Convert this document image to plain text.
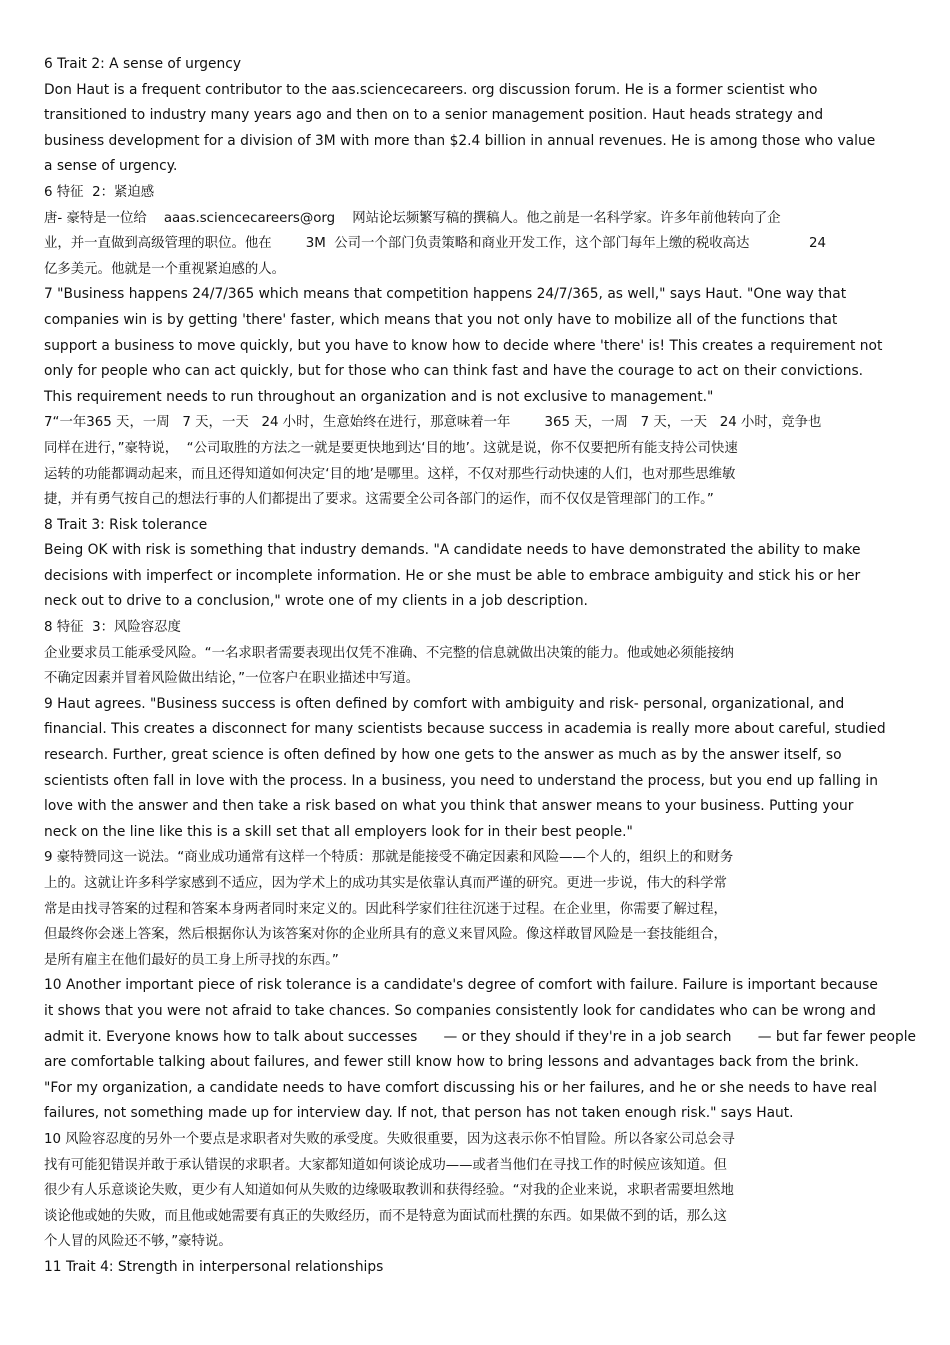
6 Trait 2: A sense of urgency
Don Haut is a frequent contributor to the aas.sciencecareers. org discussion forum. He is a former scientist who
transitioned to industry many years ago and then on to a senior management position. Haut heads strategy and
business development for a division of 3M with more than $2.4 billion in annual revenues. He is among those who value
a sense of urgency.
6 特征  2：紧迫感
唐- 豪特是一位给    aaas.sciencecareers@org    网站论坛频繁写稿的撰稿人。他之前是一名科学家。许多年前他转向了企
业，并一直做到高级管理的职位。他在        3M  公司一个部门负责策略和商业开发工作，这个部门每年上缴的税收高达              24
亿多美元。他就是一个重视紧迫感的人。
7 "Business happens 24/7/365 which means that competition happens 24/7/365, as well," says Haut. "One way that
companies win is by getting 'there' faster, which means that you not only have to mobilize all of the functions that
support a business to move quickly, but you have to know how to decide where 'there' is! This creates a requirement not
only for people who can act quickly, but for those who can think fast and have the courage to act on their convictions.
This requirement needs to run throughout an organization and is not exclusive to management."
7“一年365 天，一周   7 天，一天   24 小时，生意始终在进行，那意味着一年        365 天，一周   7 天，一天   24 小时，竞争也
同样在进行，”豪特说，  “公司取胜的方法之一就是要更快地到达‘目的地’。这就是说，你不仅要把所有能支持公司快速
运转的功能都调动起来，而且还得知道如何决定‘目的地’是哪里。这样，不仅对那些行动快速的人们，也对那些思维敏
捷，并有勇气按自己的想法行事的人们都提出了要求。这需要全公司各部门的运作，而不仅仅是管理部门的工作。”
8 Trait 3: Risk tolerance
Being OK with risk is something that industry demands. "A candidate needs to have demonstrated the ability to make
decisions with imperfect or incomplete information. He or she must be able to embrace ambiguity and stick his or her
neck out to drive to a conclusion," wrote one of my clients in a job description.
8 特征  3：风险容忍度
企业要求员工能承受风险。“一名求职者需要表现出仅凭不准确、不完整的信息就做出决策的能力。他或她必须能接纳
不确定因素并冒着风险做出结论，”一位客户在职业描述中写道。
9 Haut agrees. "Business success is often defined by comfort with ambiguity and risk- personal, organizational, and
financial. This creates a disconnect for many scientists because success in academia is really more about careful, studied
research. Further, great science is often defined by how one gets to the answer as much as by the answer itself, so
scientists often fall in love with the process. In a business, you need to understand the process, but you end up falling in
love with the answer and then take a risk based on what you think that answer means to your business. Putting your
neck on the line like this is a skill set that all employers look for in their best people."
9 豪特赞同这一说法。“商业成功通常有这样一个特质：那就是能接受不确定因素和风险——个人的，组织上的和财务
上的。这就让许多科学家感到不适应，因为学术上的成功其实是依靠认真而严谨的研究。更进一步说，伟大的科学常
常是由找寻答案的过程和答案本身两者同时来定义的。因此科学家们往往沉迷于过程。在企业里，你需要了解过程，
但最终你会迷上答案，然后根据你认为该答案对你的企业所具有的意义来冒风险。像这样敢冒风险是一套技能组合，
是所有雇主在他们最好的员工身上所寻找的东西。”
10 Another important piece of risk tolerance is a candidate's degree of comfort with failure. Failure is important because
it shows that you were not afraid to take chances. So companies consistently look for candidates who can be wrong and
admit it. Everyone knows how to talk about successes      — or they should if they're in a job search      — but far fewer people
are comfortable talking about failures, and fewer still know how to bring lessons and advantages back from the brink.
"For my organization, a candidate needs to have comfort discussing his or her failures, and he or she needs to have real
failures, not something made up for interview day. If not, that person has not taken enough risk." says Haut.
10 风险容忍度的另外一个要点是求职者对失败的承受度。失败很重要，因为这表示你不怕冒险。所以各家公司总会寻
找有可能犯错误并敢于承认错误的求职者。大家都知道如何谈论成功——或者当他们在寻找工作的时候应该知道。但
很少有人乐意谈论失败，更少有人知道如何从失败的边缘吸取教训和获得经验。“对我的企业来说，求职者需要坦然地
谈论他或她的失败，而且他或她需要有真正的失败经历，而不是特意为面试而杜撰的东西。如果做不到的话，那么这
个人冒的风险还不够，”豪特说。
11 Trait 4: Strength in interpersonal relationships
